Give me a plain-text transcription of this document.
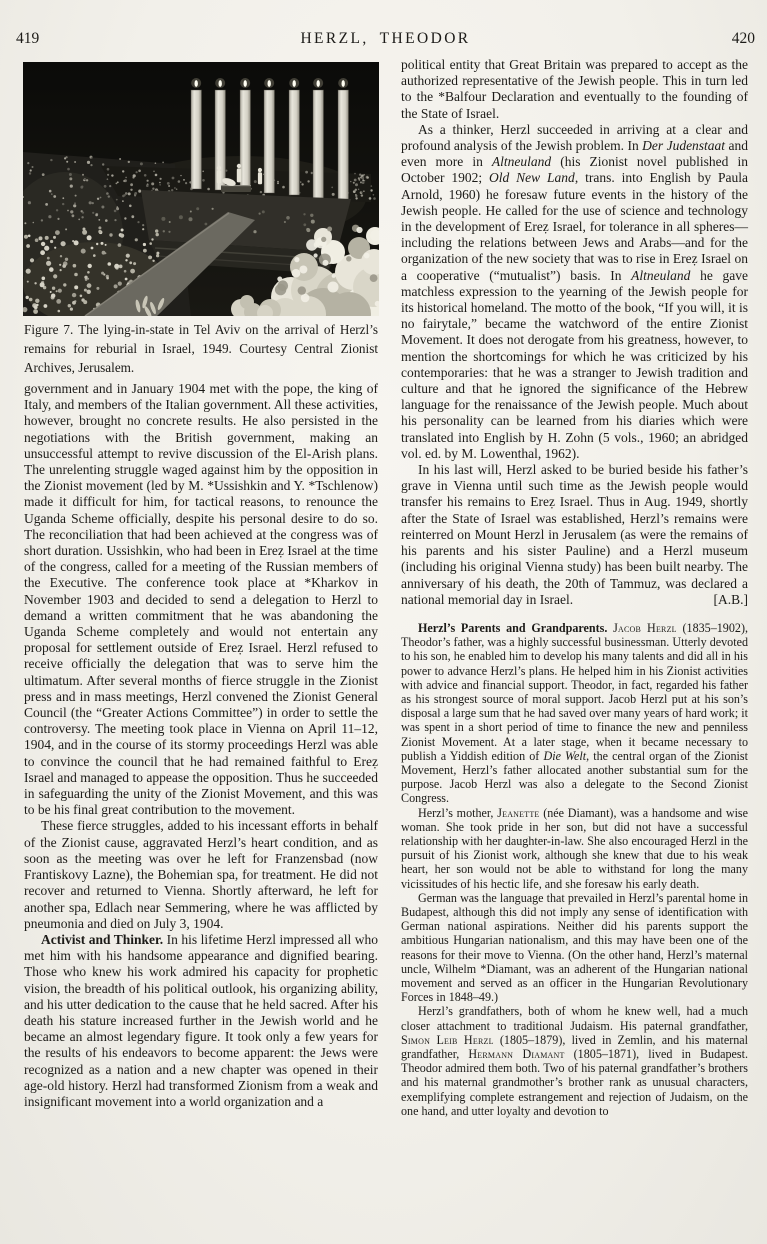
419	HERZL, THEODOR	420
Figure 7. The lying-in-state in Tel Aviv on the arrival of Herzl’s remains for reburial in Israel, 1949. Courtesy Central Zionist Archives, Jerusalem.

government and in January 1904 met with the pope, the king of Italy, and members of the Italian government. All these activities, however, brought no concrete results. He also persisted in the negotiations with the British government, making an unsuccessful attempt to revive discussion of the El-Arish plans. The unrelenting struggle waged against him by the opposition in the Zionist movement (led by M. *Ussishkin and Y. *Tschlenow) made it difficult for him, for tactical reasons, to renounce the Uganda Scheme officially, despite his personal desire to do so. The reconciliation that had been achieved at the congress was of short duration. Ussishkin, who had been in Ereẓ Israel at the time of the congress, called for a meeting of the Russian members of the Executive. The conference took place at *Kharkov in November 1903 and decided to send a delegation to Herzl to demand a written commitment that he was abandoning the Uganda Scheme completely and would not entertain any proposal for settlement outside of Ereẓ Israel. Herzl refused to receive officially the delegation that was to serve him the ultimatum. After several months of fierce struggle in the Zionist press and in mass meetings, Herzl convened the Zionist General Council (the “Greater Actions Committee”) in order to settle the controversy. The meeting took place in Vienna on April 11–12, 1904, and in the course of its stormy proceedings Herzl was able to convince the council that he had remained faithful to Ereẓ Israel and managed to appease the opposition. Thus he succeeded in safeguarding the unity of the Zionist Movement, and this was to be his final great contribution to the movement.

These fierce struggles, added to his incessant efforts in behalf of the Zionist cause, aggravated Herzl’s heart condition, and as soon as the meeting was over he left for Franzensbad (now Frantiskovy Lazne), the Bohemian spa, for treatment. He did not recover and returned to Vienna. Shortly afterward, he left for another spa, Edlach near Semmering, where he was afflicted by pneumonia and died on July 3, 1904.

Activist and Thinker. In his lifetime Herzl impressed all who met him with his handsome appearance and dignified bearing. Those who knew his work admired his capacity for prophetic vision, the breadth of his political outlook, his organizing ability, and his utter dedication to the cause that he held sacred. After his death his stature increased further in the Jewish world and he became an almost legendary figure. It took only a few years for the results of his endeavors to become apparent: the Jews were recognized as a nation and a new chapter was opened in their age-old history. Herzl had transformed Zionism from a weak and insignificant movement into a world organization and a

political entity that Great Britain was prepared to accept as the authorized representative of the Jewish people. This in turn led to the *Balfour Declaration and eventually to the founding of the State of Israel.

As a thinker, Herzl succeeded in arriving at a clear and profound analysis of the Jewish problem. In Der Judenstaat and even more in Altneuland (his Zionist novel published in October 1902; Old New Land, trans. into English by Paula Arnold, 1960) he foresaw future events in the history of the Jewish people. He called for the use of science and technology in the development of Ereẓ Israel, for tolerance in all spheres—including the relations between Jews and Arabs—and for the organization of the new society that was to rise in Ereẓ Israel on a cooperative (“mutualist”) basis. In Altneuland he gave matchless expression to the yearning of the Jewish people for its historical homeland. The motto of the book, “If you will, it is no fairytale,” became the watchword of the entire Zionist Movement. It does not derogate from his greatness, however, to mention the shortcomings for which he was criticized by his contemporaries: that he was a stranger to Jewish tradition and culture and that he ignored the significance of the Hebrew language for the renaissance of the Jewish people. Much about his personality can be learned from his diaries which were translated into English by H. Zohn (5 vols., 1960; an abridged vol. ed. by M. Lowenthal, 1962).

In his last will, Herzl asked to be buried beside his father’s grave in Vienna until such time as the Jewish people would transfer his remains to Ereẓ Israel. Thus in Aug. 1949, shortly after the State of Israel was established, Herzl’s remains were reinterred on Mount Herzl in Jerusalem (as were the remains of his parents and his sister Pauline) and a Herzl museum (including his original Vienna study) has been built nearby. The anniversary of his death, the 20th of Tammuz, was declared a national memorial day in Israel.	[A.B.]

Herzl’s Parents and Grandparents. Jacob Herzl (1835–1902), Theodor’s father, was a highly successful businessman. Utterly devoted to his son, he enabled him to develop his many talents and did all in his power to advance Herzl’s plans. He helped him in his Zionist activities with advice and financial support. Theodor, in fact, regarded his father as his strongest source of moral support. Jacob Herzl put at his son’s disposal a large sum that he had saved over many years of hard work; it was spent in a short period of time to finance the new and penniless Zionist Movement. At a later stage, when it became necessary to publish a Yiddish edition of Die Welt, the central organ of the Zionist Movement, Herzl’s father allocated another substantial sum for the purpose. Jacob Herzl was also a delegate to the Second Zionist Congress.

Herzl’s mother, Jeanette (née Diamant), was a handsome and wise woman. She took pride in her son, but did not have a successful relationship with her daughter-in-law. She also encouraged Herzl in the pursuit of his Zionist work, although she knew that due to his weak heart, her son would not be able to withstand for long the many vicissitudes of his hectic life, and she foresaw his early death.

German was the language that prevailed in Herzl’s parental home in Budapest, although this did not imply any sense of identification with German national aspirations. Neither did his parents support the ambitious Hungarian nationalism, and this may have been one of the reasons for their move to Vienna. (On the other hand, Herzl’s maternal uncle, Wilhelm *Diamant, was an adherent of the Hungarian national movement and served as an officer in the Hungarian Revolutionary Forces in 1848–49.)

Herzl’s grandfathers, both of whom he knew well, had a much closer attachment to traditional Judaism. His paternal grandfather, Simon Leib Herzl (1805–1879), lived in Zemlin, and his maternal grandfather, Hermann Diamant (1805–1871), lived in Budapest. Theodor admired them both. Two of his paternal grandfather’s brothers and his maternal grandmother’s brother rank as unusual characters, exemplifying complete estrangement and rejection of Judaism, on the one hand, and utter loyalty and devotion to
